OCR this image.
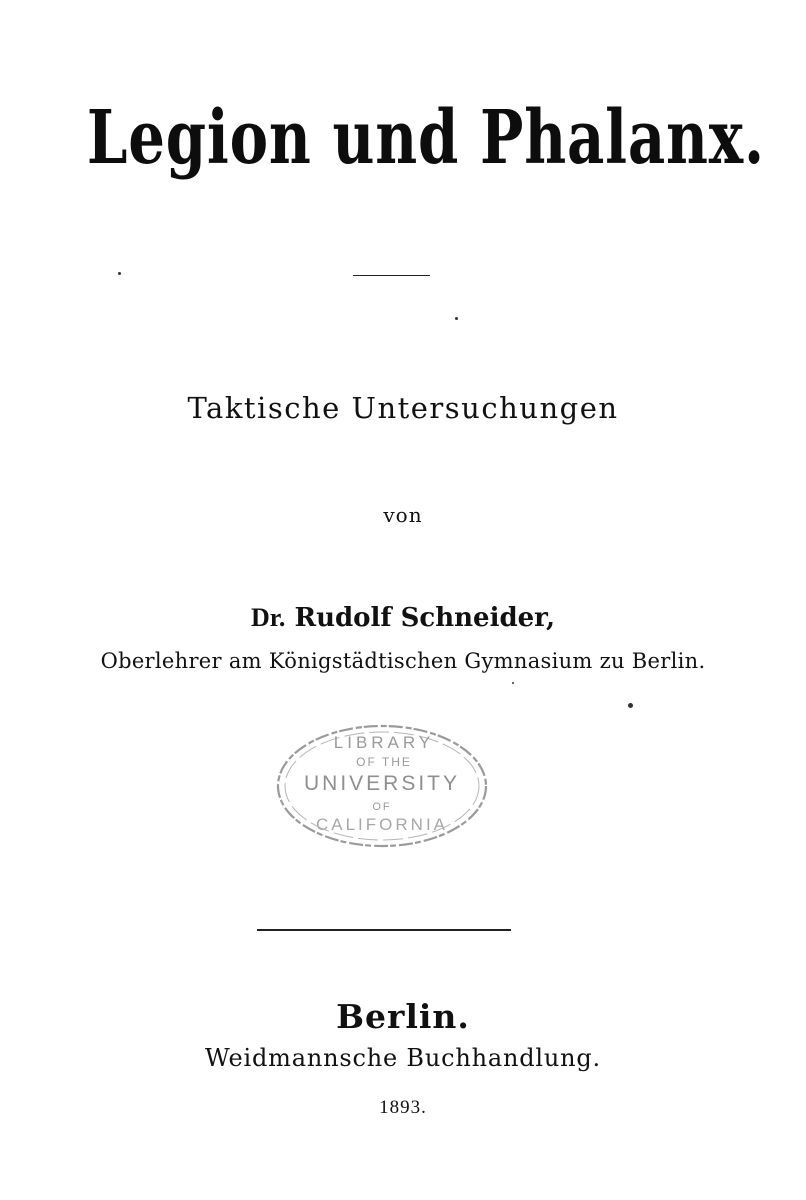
Legion und Phalanx.
Taktische Untersuchungen
von
Dr. Rudolf Schneider,
Oberlehrer am Königstädtischen Gymnasium zu Berlin.
LIBRARY
OF THE
UNIVERSITY
OF
CALIFORNIA
Berlin.
Weidmannsche Buchhandlung.
1893.
